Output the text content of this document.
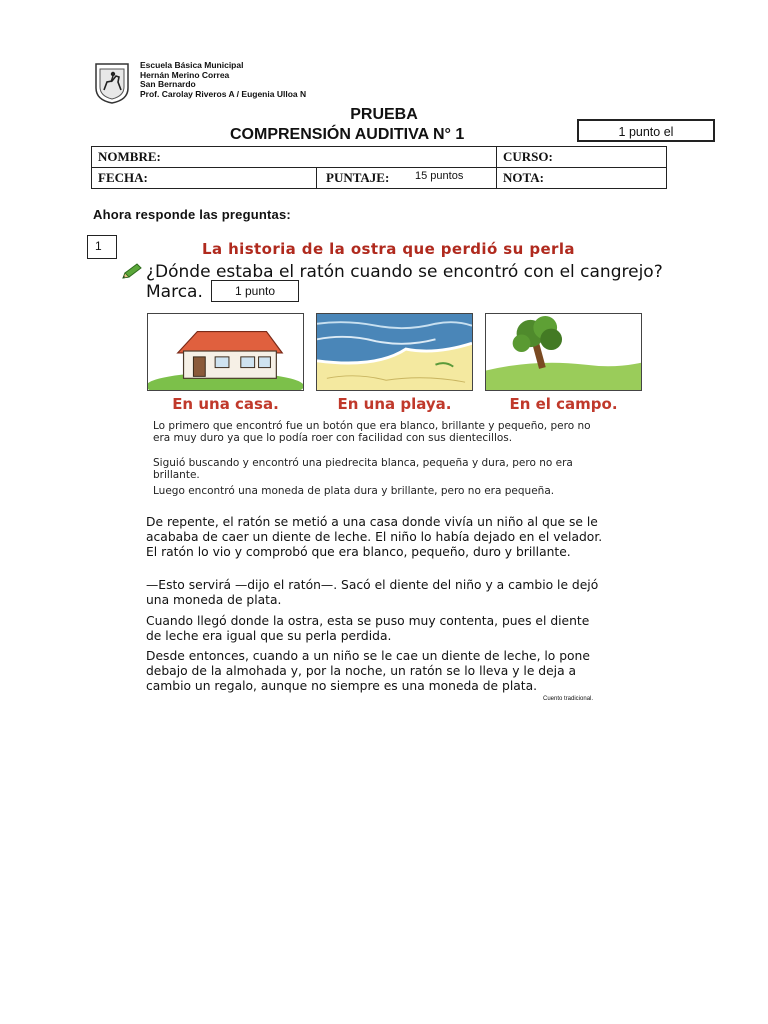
Escuela Básica Municipal
Hernán Merino Correa
San Bernardo
Prof. Carolay Riveros A / Eugenia Ulloa N
PRUEBA
COMPRENSIÓN AUDITIVA N° 1	1 punto el
NOMBRE:		CURSO:
FECHA:	PUNTAJE:	NOTA:
15 puntos
Ahora responde las preguntas:
1	La historia de la ostra que perdió su perla
¿Dónde estaba el ratón cuando se encontró con el cangrejo?
Marca.	1 punto
En una casa.	En una playa.	En el campo.

Lo primero que encontró fue un botón que era blanco, brillante y pequeño, pero no era muy duro ya que lo podía roer con facilidad con sus dientecillos.

Siguió buscando y encontró una piedrecita blanca, pequeña y dura, pero no era brillante.

Luego encontró una moneda de plata dura y brillante, pero no era pequeña.

De repente, el ratón se metió a una casa donde vivía un niño al que se le acababa de caer un diente de leche. El niño lo había dejado en el velador. El ratón lo vio y comprobó que era blanco, pequeño, duro y brillante.

—Esto servirá —dijo el ratón—. Sacó el diente del niño y a cambio le dejó una moneda de plata.

Cuando llegó donde la ostra, esta se puso muy contenta, pues el diente de leche era igual que su perla perdida.

Desde entonces, cuando a un niño se le cae un diente de leche, lo pone debajo de la almohada y, por la noche, un ratón se lo lleva y le deja a cambio un regalo, aunque no siempre es una moneda de plata.

Cuento tradicional.
